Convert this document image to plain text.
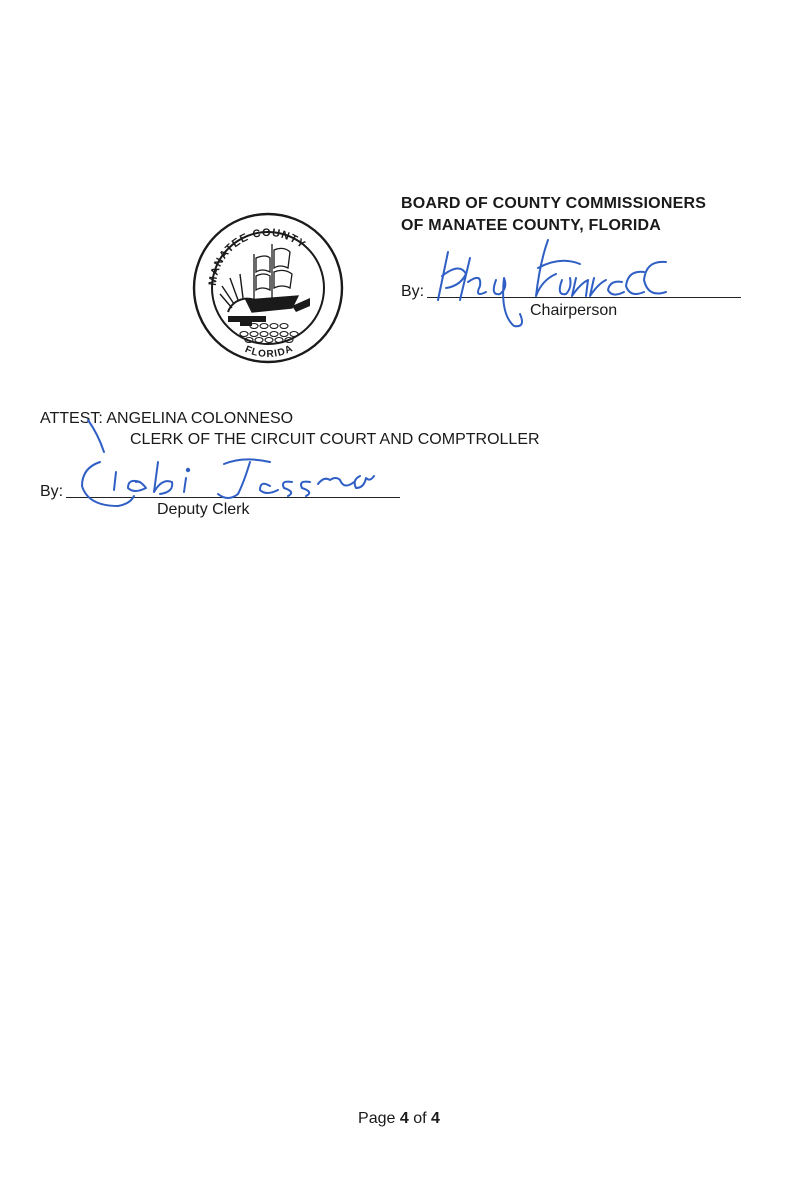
MANATEE COUNTY
FLORIDA
BOARD OF COUNTY COMMISSIONERS
OF MANATEE COUNTY, FLORIDA
By:
Chairperson
ATTEST: ANGELINA COLONNESO
CLERK OF THE CIRCUIT COURT AND COMPTROLLER
By:
Deputy Clerk
Page 4 of 4
